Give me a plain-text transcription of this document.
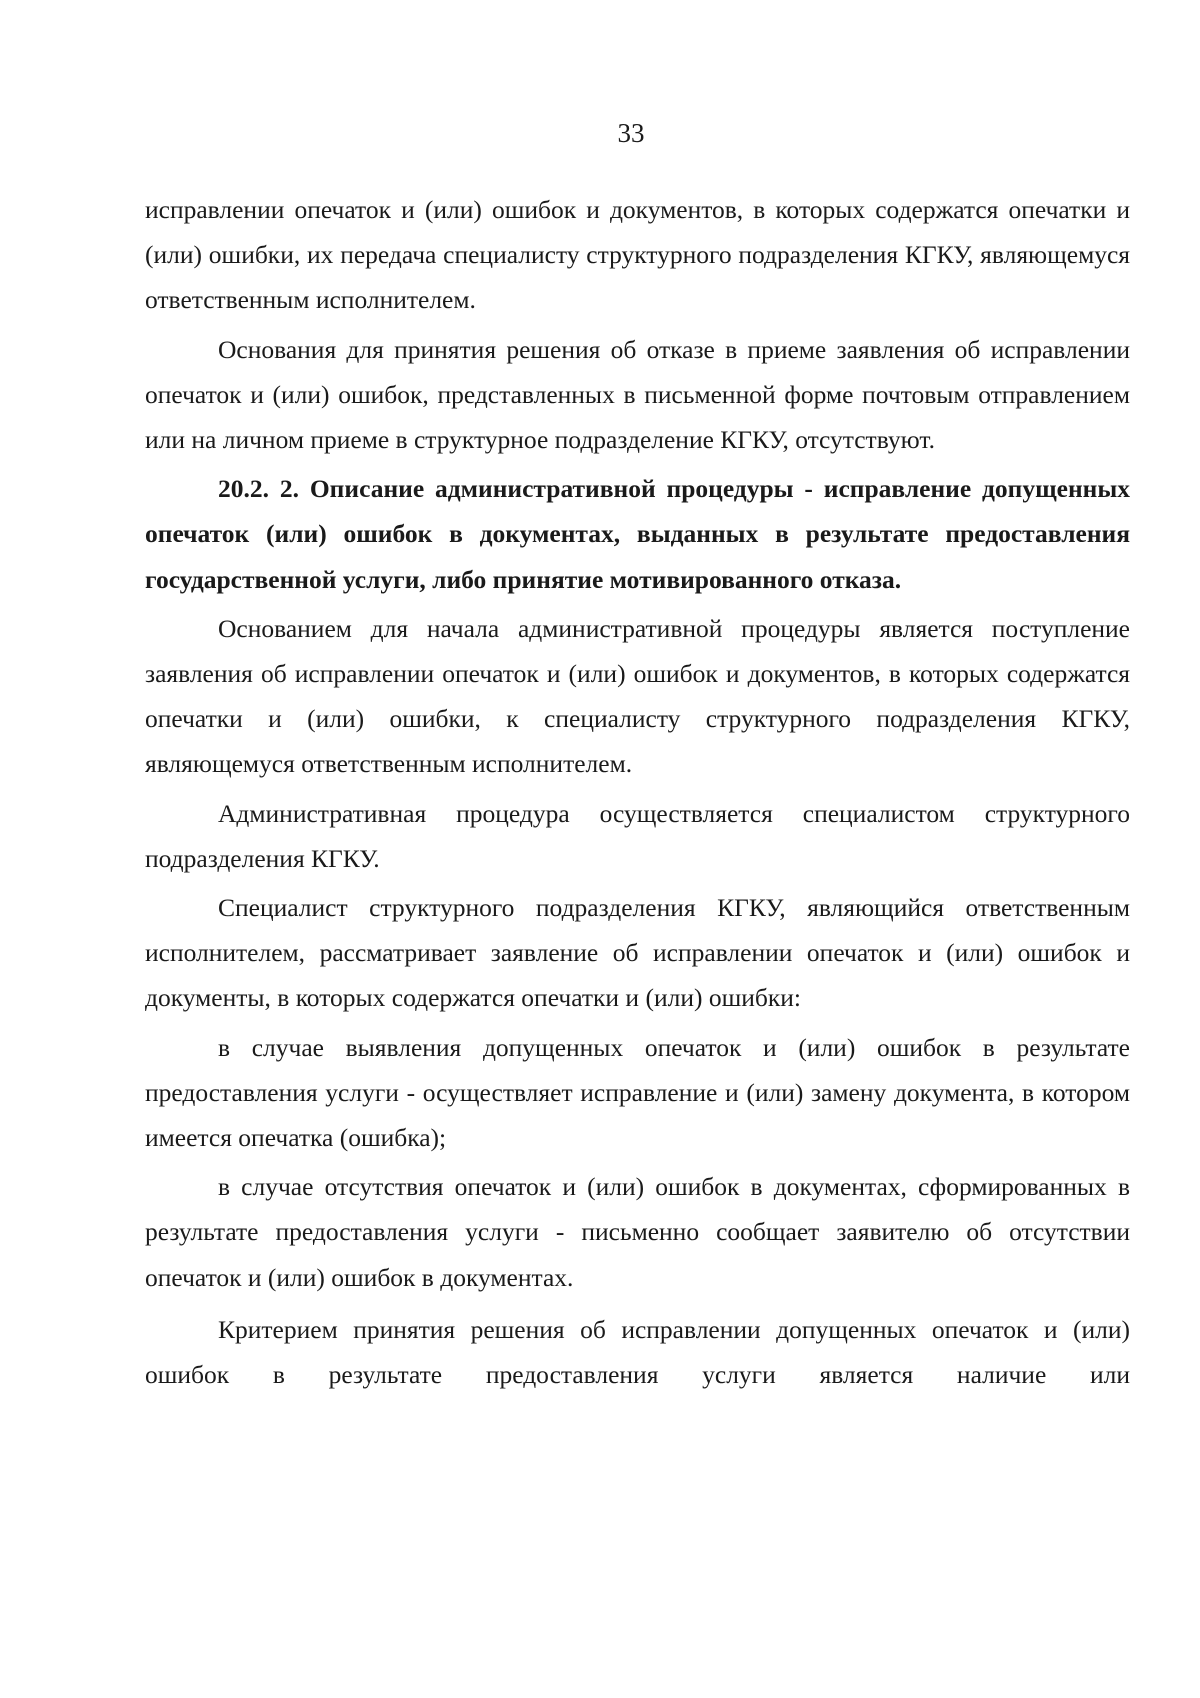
33

исправлении опечаток и (или) ошибок и документов, в которых содержатся опечатки и (или) ошибки, их передача специалисту структурного подразделения КГКУ, являющемуся ответственным исполнителем.

Основания для принятия решения об отказе в приеме заявления об исправлении опечаток и (или) ошибок, представленных в письменной форме почтовым отправлением или на личном приеме в структурное подразделение КГКУ, отсутствуют.

20.2. 2. Описание административной процедуры - исправление допущенных опечаток (или) ошибок в документах, выданных в результате предоставления государственной услуги, либо принятие мотивированного отказа.

Основанием для начала административной процедуры является поступление заявления об исправлении опечаток и (или) ошибок и документов, в которых содержатся опечатки и (или) ошибки, к специалисту структурного подразделения КГКУ, являющемуся ответственным исполнителем.

Административная процедура осуществляется специалистом структурного подразделения КГКУ.

Специалист структурного подразделения КГКУ, являющийся ответственным исполнителем, рассматривает заявление об исправлении опечаток и (или) ошибок и документы, в которых содержатся опечатки и (или) ошибки:

в случае выявления допущенных опечаток и (или) ошибок в результате предоставления услуги - осуществляет исправление и (или) замену документа, в котором имеется опечатка (ошибка);

в случае отсутствия опечаток и (или) ошибок в документах, сформированных в результате предоставления услуги - письменно сообщает заявителю об отсутствии опечаток и (или) ошибок в документах.

Критерием принятия решения об исправлении допущенных опечаток и (или) ошибок в результате предоставления услуги является наличие или
